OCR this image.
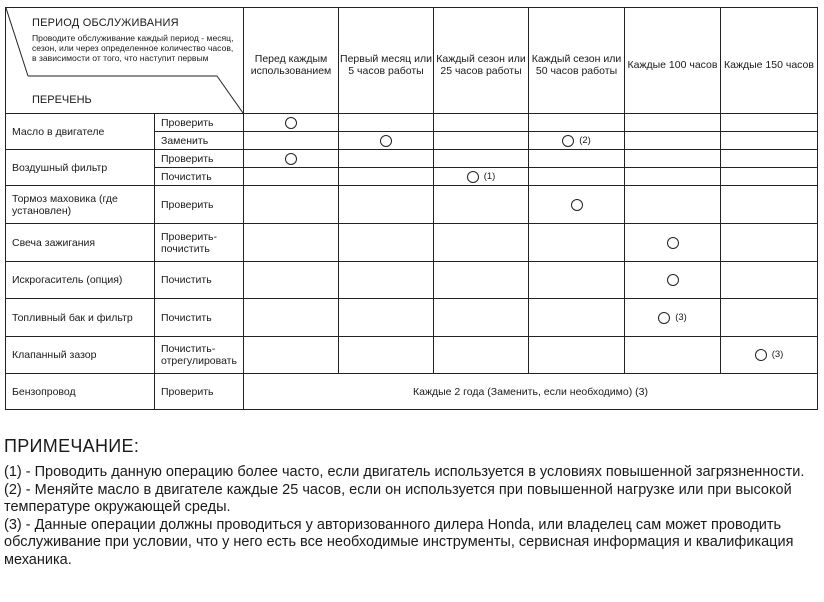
ПЕРИОД ОБСЛУЖИВАНИЯ
Проводите обслуживание каждый период - месяц, сезон, или через определенное количество часов, в зависимости от того, что наступит первым
ПЕРЕЧЕНЬ		Перед каждым использованием	Первый месяц или 5 часов работы	Каждый сезон или 25 часов работы	Каждый сезон или 50 часов работы	Каждые 100 часов	Каждые 150 часов
Масло в двигателе	Проверить						
	Заменить				(2)		
Воздушный фильтр	Проверить						
	Почистить			(1)			
Тормоз маховика (где установлен)	Проверить						
Свеча зажигания	Проверить-почистить						
Искрогаситель (опция)	Почистить						
Топливный бак и фильтр	Почистить					(3)	
Клапанный зазор	Почистить-отрегулировать						(3)
Бензопровод	Проверить	Каждые 2 года (Заменить, если необходимо) (3)					
ПРИМЕЧАНИЕ:

(1) - Проводить данную операцию более часто, если двигатель используется в условиях повышенной загрязненности.

(2) - Меняйте масло в двигателе каждые 25 часов, если он используется при повышенной нагрузке или при высокой температуре окружающей среды.

(3) - Данные операции должны проводиться у авторизованного дилера Honda, или владелец сам может проводить обслуживание при условии, что у него есть все необходимые инструменты, сервисная информация и квалификация механика.
